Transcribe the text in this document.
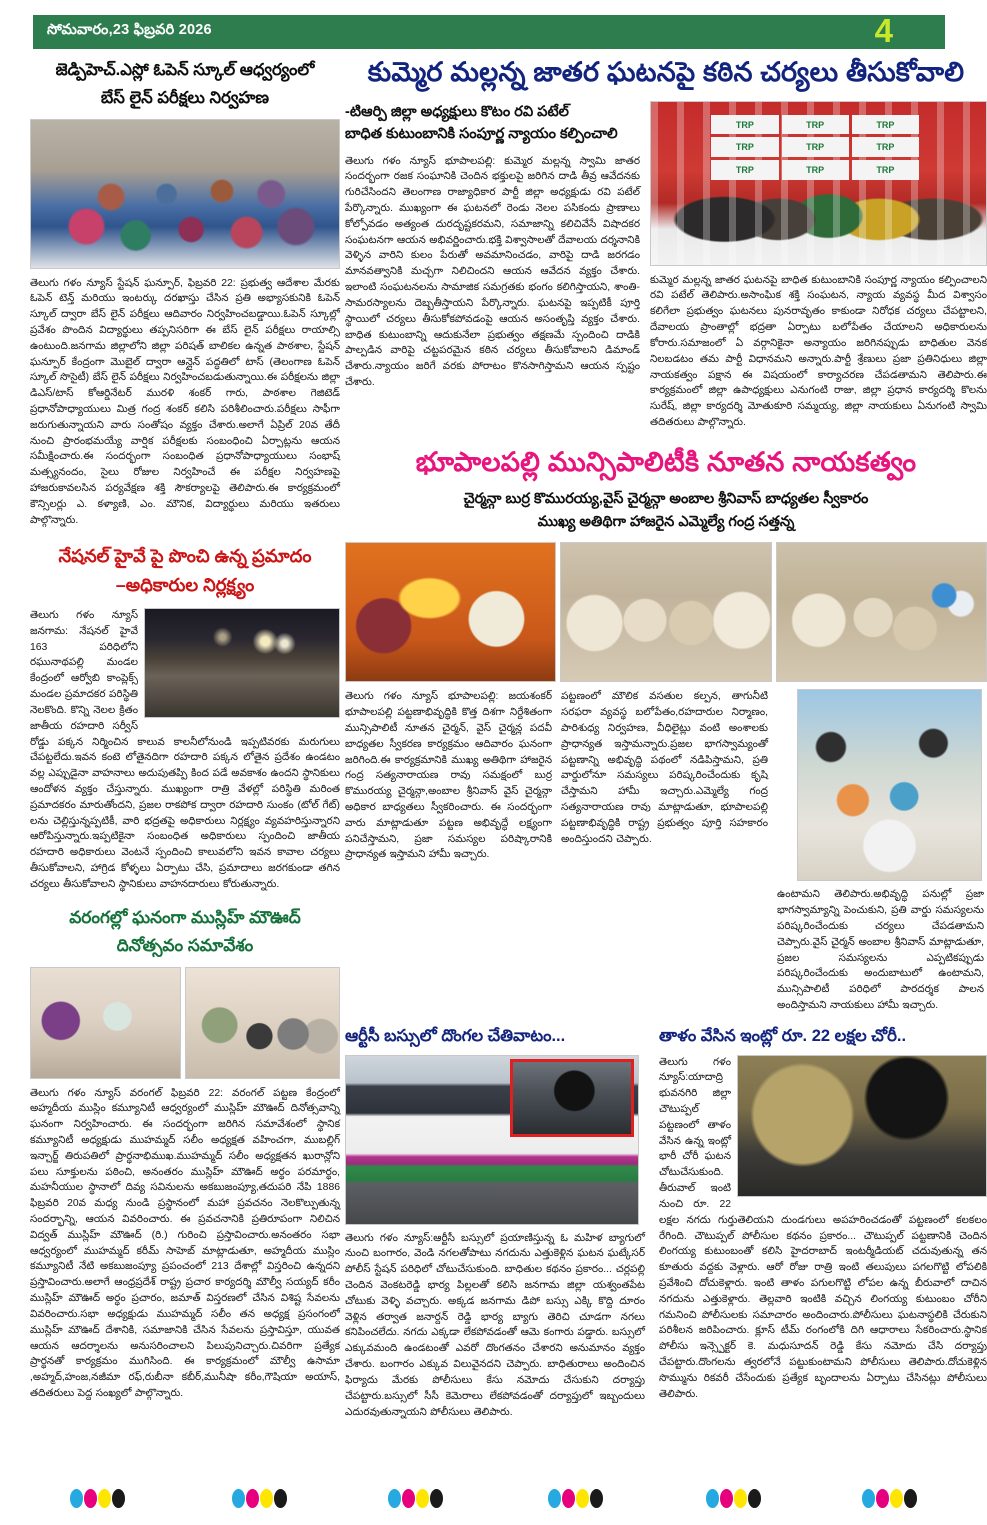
సోమవారం,23 ఫిబ్రవరి 2026	4
జెడ్పిహెచ్.ఎస్లో ఓపెన్ స్కూల్ ఆధ్వర్యంలో
బేస్ లైన్ పరీక్షలు నిర్వహణ
తెలుగు గళం న్యూస్ స్టేషన్ ఘన్పూర్, ఫిబ్రవరి 22: ప్రభుత్వ ఆదేశాల మేరకు ఓపెన్ టెన్త్ మరియు ఇంటర్కు దరఖాస్తు చేసిన ప్రతి అభ్యాసకునికి ఓపెన్ స్కూల్ ద్వారా బేస్ లైన్ పరీక్షలు ఆదివారం నిర్వహించబడ్డాయి.ఓపెన్ స్కూల్లో ప్రవేశం పొందిన విద్యార్థులు తప్పనిసరిగా ఈ బేస్ లైన్ పరీక్షలు రాయాల్సి ఉంటుంది.జనగామ జిల్లాలోని జిల్లా పరిషత్ బాలికల ఉన్నత పాఠశాల, స్టేషన్ ఘన్పూర్ కేంద్రంగా మొబైల్ ద్వారా ఆన్లైన్ పద్ధతిలో టాస్ (తెలంగాణ ఓపెన్ స్కూల్ సొసైటీ) బేస్ లైన్ పరీక్షలు నిర్వహించబడుతున్నాయి.ఈ పరీక్షలను జిల్లా డిఎస్/టాస్ కోఆర్డినేటర్ మురళి శంకర్ గారు, పాఠశాల గెజిటెడ్ ప్రధానోపాధ్యాయులు మిత్ర గంద్ర శంకర్ కలిసి పరిశీలించారు.పరీక్షలు సాఫీగా జరుగుతున్నాయని వారు సంతోషం వ్యక్తం చేశారు.అలాగే ఏప్రిల్ 20వ తేదీ నుంచి ప్రారంభమయ్యే వార్షిక పరీక్షలకు సంబంధించి ఏర్పాట్లను ఆయన సమీక్షించారు.ఈ సందర్భంగా సంబంధిత ప్రధానోపాధ్యాయులు సంభాష్ మత్స్యనందం, సైలు రోజుల నిర్వహించే ఈ పరీక్షల నిర్వహణపై హాజరుకావలసిన పర్యవేక్షణ శక్తి సౌకర్యాలపై తెలిపారు.ఈ కార్యక్రమంలో కౌన్సిలర్లు ఎ. కళ్యాణి, ఎం. మౌనిక, విద్యార్థులు మరియు ఇతరులు పాల్గొన్నారు.
నేషనల్ హైవే పై పొంచి ఉన్న ప్రమాదం
–అధికారుల నిర్లక్ష్యం
తెలుగు గళం న్యూస్ జనగామ: నేషనల్ హైవే 163 పరిధిలోని రఘునాథపల్లి మండల కేంద్రంలో ఆర్వోబి కాంప్లెక్స్ మండల ప్రమాదకర పరిస్థితి నెలకొంది. కొన్ని నెలల క్రితం జాతీయ రహదారి సర్వీస్ రోడ్డు పక్కన నిర్మించిన కాలువ కాలనీలోనుండి ఇప్పటివరకు మరుగులు చేపట్టలేదు.ఇవన కంటె లోతైనదిగా రహదారి పక్కన లోతైన ప్రదేశం ఉండటం వల్ల ఎప్పుడైనా వాహనాలు అదుపుతప్పి కింద పడే అవకాశం ఉందని స్థానికులు ఆందోళన వ్యక్తం చేస్తున్నారు. ముఖ్యంగా రాత్రి వేళల్లో పరిస్థితి మరింత ప్రమాదకరం మారుతోందని, ప్రజల రాకపోక ద్వారా రహదారి సుంకం (టోల్ గేట్) లను చెల్లిస్తున్నప్పటికీ, వారి భద్రతపై అధికారులు నిర్లక్ష్యం వ్యవహరిస్తున్నారని ఆరోపిస్తున్నారు.ఇప్పటికైనా సంబంధిత అధికారులు స్పందించి జాతీయ రహదారి అధికారులు వెంటనే స్పందించి కాలువలోని ఇవన కావాల చర్యలు తీసుకోవాలని, హాగ్రిడ కోళ్ళలు ఏర్పాటు చేసి, ప్రమాదాలు జరగకుండా తగిన చర్యలు తీసుకోవాలని స్థానికులు వాహనదారులు కోరుతున్నారు.
వరంగల్లో ఘనంగా ముస్లిహ్ మౌఊద్
దినోత్సవం సమావేశం
తెలుగు గళం న్యూస్ వరంగల్ ఫిబ్రవరి 22: వరంగల్ పట్టణ కేంద్రంలో అహ్మదీయ ముస్లిం కమ్యూనిటీ ఆధ్వర్యంలో ముస్లిహ్ మౌఊద్ దినోత్సవాన్ని ఘనంగా నిర్వహించారు. ఈ సందర్భంగా జరిగిన సమావేశంలో స్థానిక కమ్యూనిటీ అధ్యక్షుడు ముహమ్మద్ సలీం అధ్యక్షత వహించగా, ముబల్లిగ్ ఇన్చార్జ్ తిరుపతిలో ప్రార్థనాభిముఖ.ముహమ్మద్ సలీం అధ్యక్షతన ఖురాన్లోని పలు సూక్తులను పఠించి, అనంతరం ముస్లిహ్ మౌఊద్ అర్థం పరమార్థం, మహనీయుల స్థానాలో దివ్య సవినులను అకబుజంప్యూ,తదుపరి నేపి 1886 ఫిబ్రవరి 20వ మధ్య నుండి ప్రస్థానంలో మహా ప్రవచనం నెలకొల్పుతున్న సందర్భాన్ని, ఆయన వివరించారు. ఈ ప్రవచనానికి ప్రతిరూపంగా నిలిచిన విద్వత్ ముస్లిహ్ మౌఊద్ (రి.) గురించి ప్రస్తావించారు.అనంతరం సభా ఆధ్వర్యంలో ముహమ్మద్ కరీమ్ సాహెబ్ మాట్లాడుతూ, అహ్మదీయ ముస్లిం కమ్యూనిటీ నేటి అకబుజంప్యూ ప్రపంచంలో 213 దేశాల్లో విస్తరించి ఉన్నదని ప్రస్తావించారు.అలాగే ఆంధ్రప్రదేశ్ రాష్ట్ర ప్రచార కార్యదర్శి మౌల్వీ సయ్యద్ కరీం ముస్లిహ్ మౌఊద్ అర్థం ప్రచారం, జమాత్ విస్తరణలో చేసిన విశిష్ట సేవలను వివరించారు.సభా అధ్యక్షుడు ముహమ్మద్ సలీం తన అధ్యక్ష ప్రసంగంలో ముస్లిహ్ మౌఊద్ దేశానికి, సమాజానికి చేసిన సేవలను ప్రస్తావిస్తూ, యువత ఆయన ఆదర్శాలను అనుసరించాలని పిలుపునిచ్చారు.చివరిగా ప్రత్యేక ప్రార్థనతో కార్యక్రమం ముగిసింది. ఈ కార్యక్రమంలో మౌల్వీ ఉసామా ,అహ్మద్,హంజ,నజీమా రఫ్,రుబీనా కబీర్,మునీషా కరీం,గౌషియా అయాస్, తదితరులు పెద్ద సంఖ్యలో పాల్గొన్నారు.
కుమ్మెర మల్లన్న జాతర ఘటనపై కఠిన చర్యలు తీసుకోవాలి
-టిఆర్పి జిల్లా అధ్యక్షులు కొటం రవి పటేల్
బాధిత కుటుంబానికి సంపూర్ణ న్యాయం కల్పించాలి
తెలుగు గళం న్యూస్ భూపాలపల్లి: కుమ్మెర మల్లన్న స్వామి జాతర సందర్భంగా రజక సంఘానికి చెందిన భక్తులపై జరిగిన దాడి తీవ్ర ఆవేదనకు గురిచేసిందని తెలంగాణ రాజ్యాధికార పార్టీ జిల్లా అధ్యక్షుడు రవి పటేల్ పేర్కొన్నారు. ముఖ్యంగా ఈ ఘటనలో రెండు నెలల పసికందు ప్రాణాలు కోల్పోవడం అత్యంత దురదృష్టకరమని, సమాజాన్ని కలిచివేసే విషాదకర సంఘటనగా ఆయన అభివర్ణించారు.భక్తి విశ్వాసాలతో దేవాలయ దర్శనానికి వెళ్ళిన వారిని కులం పేరుతో అవమానించడం, వారిపై దాడి జరగడం మానవత్వానికి మచ్చగా నిలిచిందని ఆయన ఆవేదన వ్యక్తం చేశారు. ఇలాంటి సంఘటనలను సామాజిక సమగ్రతకు భంగం కలిగిస్తాయని, శాంతి-సామరస్యాలను దెబ్బతీస్తాయని పేర్కొన్నారు. ఘటనపై ఇప్పటికీ పూర్తి స్థాయిలో చర్యలు తీసుకోకపోవడంపై ఆయన అసంతృప్తి వ్యక్తం చేశారు. బాధిత కుటుంబాన్ని ఆదుకునేలా ప్రభుత్వం తక్షణమే స్పందించి దాడికి పాల్పడిన వారిపై చట్టపరమైన కఠిన చర్యలు తీసుకోవాలని డిమాండ్ చేశారు.న్యాయం జరిగే వరకు పోరాటం కొనసాగిస్తామని ఆయన స్పష్టం చేశారు.
TRP	TRP	TRP
TRP	TRP	TRP
TRP	TRP	TRP
కుమ్మెర మల్లన్న జాతర ఘటనపై బాధిత కుటుంబానికి సంపూర్ణ న్యాయం కల్పించాలని రవి పటేల్ తెలిపారు.అసాంఘిక శక్తి సంఘటన, న్యాయ వ్యవస్థ మీద విశ్వాసం కలిగేలా ప్రభుత్వం ఘటనలు పునరావృతం కాకుండా నిరోధక చర్యలు చేపట్టాలని, దేవాలయ ప్రాంతాల్లో భద్రతా ఏర్పాటు బలోపేతం చేయాలని అధికారులను కోరారు.సమాజంలో ఏ వర్గానికైనా అన్యాయం జరిగినప్పుడు బాధితుల వెనక నిలబడటం తమ పార్టీ విధానమని అన్నారు.పార్టీ శ్రేణులు ప్రజా ప్రతినిధులు జిల్లా నాయకత్వం పక్షాన ఈ విషయంలో కార్యాచరణ చేపడతామని తెలిపారు.ఈ కార్యక్రమంలో జిల్లా ఉపాధ్యక్షులు ఎనుగంటి రాజు, జిల్లా ప్రధాన కార్యదర్శి కొలను సురేష్, జిల్లా కార్యదర్శి మోతుకూరి సమ్మయ్య, జిల్లా నాయకులు ఏనుగంటి స్వామి తదితరులు పాల్గొన్నారు.
భూపాలపల్లి మున్సిపాలిటీకి నూతన నాయకత్వం
చైర్మన్గా బుర్ర కొమురయ్య,వైస్ చైర్మన్గా అంబాల శ్రీనివాస్ బాధ్యతల స్వీకారం
ముఖ్య అతిథిగా హాజరైన ఎమ్మెల్యే గంద్ర సత్తన్న
తెలుగు గళం న్యూస్ భూపాలపల్లి: జయశంకర్ భూపాలపల్లి పట్టణాభివృద్ధికి కొత్త దిశగా నిర్దేశితంగా మున్సిపాలిటీ నూతన చైర్మన్, వైస్ చైర్మన్ల పదవీ బాధ్యతల స్వీకరణ కార్యక్రమం ఆదివారం ఘనంగా జరిగింది.ఈ కార్యక్రమానికి ముఖ్య అతిథిగా హాజరైన గంద్ర సత్యనారాయణ రావు సమక్షంలో బుర్ర కొమురయ్య చైర్మన్గా,అంబాల శ్రీనివాస్ వైస్ చైర్మన్గా అధికార బాధ్యతలు స్వీకరించారు. ఈ సందర్భంగా వారు మాట్లాడుతూ పట్టణ అభివృద్ధే లక్ష్యంగా పనిచేస్తామని, ప్రజా సమస్యల పరిష్కారానికి ప్రాధాన్యత ఇస్తామని హామీ ఇచ్చారు.
పట్టణంలో మౌలిక వసతుల కల్పన, తాగునీటి సరఫరా వ్యవస్థ బలోపేతం,రహదారుల నిర్మాణం, పారిశుధ్య నిర్వహణ, వీధిలైట్లు వంటి అంశాలకు ప్రాధాన్యత ఇస్తామన్నారు.ప్రజల భాగస్వామ్యంతో పట్టణాన్ని అభివృద్ధి పథంలో నడిపిస్తామని, ప్రతి వార్డులోనూ సమస్యలు పరిష్కరించేందుకు కృషి చేస్తామని హామీ ఇచ్చారు.ఎమ్మెల్యే గంద్ర సత్యనారాయణ రావు మాట్లాడుతూ, భూపాలపల్లి పట్టణాభివృద్ధికి రాష్ట్ర ప్రభుత్వం పూర్తి సహకారం అందిస్తుందని చెప్పారు.
ఉంటామని తెలిపారు.అభివృద్ధి పనుల్లో ప్రజా భాగస్వామ్యాన్ని పెంచుకుని, ప్రతి వార్డు సమస్యలను పరిష్కరించేందుకు చర్యలు చేపడతామని చెప్పారు.వైస్ చైర్మన్ అంబాల శ్రీనివాస్ మాట్లాడుతూ, ప్రజల సమస్యలను ఎప్పటికప్పుడు పరిష్కరించేందుకు అందుబాటులో ఉంటామని, మున్సిపాలిటీ పరిధిలో పారదర్శక పాలన అందిస్తామని నాయకులు హామీ ఇచ్చారు.
ఆర్టీసీ బస్సులో దొంగల చేతివాటం...
తెలుగు గళం న్యూస్:ఆర్టీసీ బస్సులో ప్రయాణిస్తున్న ఓ మహిళ బ్యాగులో నుంచి బంగారం, వెండి నగలతోపాటు నగదును ఎత్తుకెళ్లిన ఘటన ఘట్కేసర్ పోలీస్ స్టేషన్ పరిధిలో చోటుచేసుకుంది. బాధితుల కథనం ప్రకారం... చర్లపల్లి చెందిన వెంకటరెడ్డి భార్య పిల్లలతో కలిసి జనగామ జిల్లా యశ్వంతపేట చోటుకు వెళ్ళి వచ్చారు. అక్కడ జనగామ డిపో బస్సు ఎక్కి కొద్ది దూరం వెళ్లిన తర్వాత జనార్దన్ రెడ్డి భార్య బ్యాగు తెరిచి చూడగా నగలు కనిపించలేదు. నగదు ఎక్కడా లేకపోవడంతో ఆమె కంగారు పడ్డారు. బస్సులో ఎక్కువమంది ఉండటంతో ఎవరో దొంగతనం చేశారని అనుమానం వ్యక్తం చేశారు. బంగారం ఎక్కువ విలువైనదని చెప్పారు. బాధితురాలు అందించిన ఫిర్యాదు మేరకు పోలీసులు కేసు నమోదు చేసుకుని దర్యాప్తు చేపట్టారు.బస్సులో సీసీ కెమెరాలు లేకపోవడంతో దర్యాప్తులో ఇబ్బందులు ఎదురవుతున్నాయని పోలీసులు తెలిపారు.
తాళం వేసిన ఇంట్లో రూ. 22 లక్షల చోరీ..
తెలుగు గళం న్యూస్:యాదాద్రి భువనగిరి జిల్లా చౌటుప్పల్ పట్టణంలో తాళం వేసిన ఉన్న ఇంట్లో భారీ చోరీ ఘటన చోటుచేసుకుంది. తీరువాల్ ఇంటి నుంచి రూ. 22 లక్షల నగదు గుర్తుతెలియని దుండగులు అపహరించడంతో పట్టణంలో కలకలం రేగింది. చౌటుప్పల్ పోలీసుల కథనం ప్రకారం... చౌటుప్పల్ పట్టణానికి చెందిన లింగయ్య కుటుంబంతో కలిసి హైదరాబాద్ ఇంటర్మీడియట్ చదువుతున్న తన కూతురు వద్దకు వెళ్లారు. ఆరో రోజు రాత్రి ఇంటి తలుపులు పగలగొట్టి లోపలికి ప్రవేశించి దోచుకెళ్లారు. ఇంటి తాళం పగులగొట్టి లోపల ఉన్న బీరువాలో దాచిన నగదును ఎత్తుకెళ్లారు. తెల్లవారి ఇంటికి వచ్చిన లింగయ్య కుటుంబం చోరీని గమనించి పోలీసులకు సమాచారం అందించారు.పోలీసులు ఘటనాస్థలికి చేరుకుని పరిశీలన జరిపించారు. క్లూస్ టీమ్ రంగంలోకి దిగి ఆధారాలు సేకరించారు.స్థానిక పోలీసు ఇన్స్పెక్టర్ కె. మధుసూదన్ రెడ్డి కేసు నమోదు చేసి దర్యాప్తు చేపట్టారు.దొంగలను త్వరలోనే పట్టుకుంటామని పోలీసులు తెలిపారు.దోచుకెళ్లిన సొమ్మును రికవరీ చేసేందుకు ప్రత్యేక బృందాలను ఏర్పాటు చేసినట్లు పోలీసులు తెలిపారు.
